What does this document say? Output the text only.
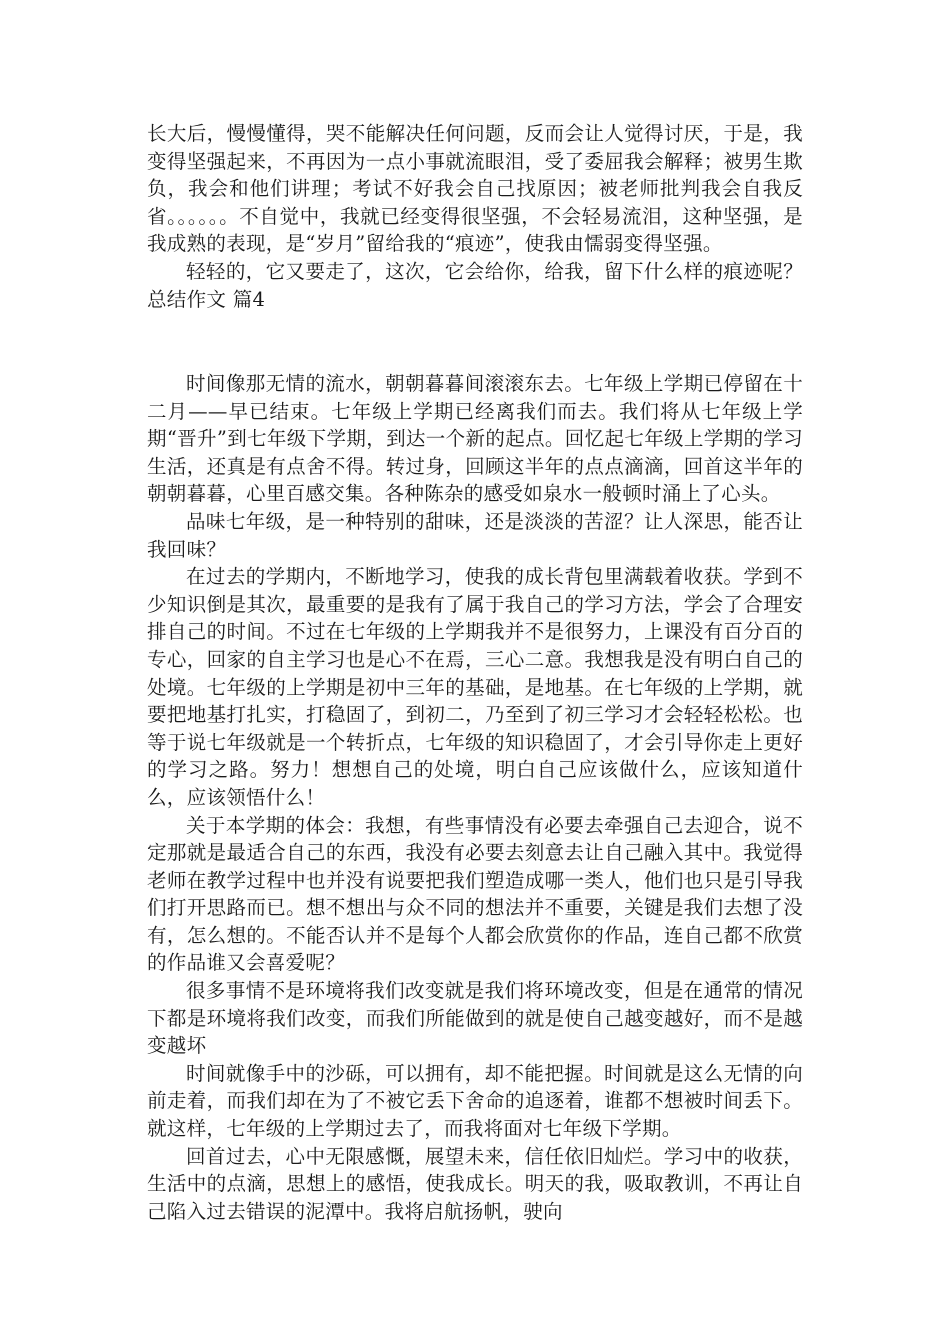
长大后，慢慢懂得，哭不能解决任何问题，反而会让人觉得讨厌，于是，我变得坚强起来，不再因为一点小事就流眼泪，受了委屈我会解释；被男生欺负，我会和他们讲理；考试不好我会自己找原因；被老师批判我会自我反省。。。。。。不自觉中，我就已经变得很坚强，不会轻易流泪，这种坚强，是我成熟的表现，是“岁月”留给我的“痕迹”，使我由懦弱变得坚强。

轻轻的，它又要走了，这次，它会给你，给我，留下什么样的痕迹呢？总结作文 篇4

时间像那无情的流水，朝朝暮暮间滚滚东去。七年级上学期已停留在十二月——早已结束。七年级上学期已经离我们而去。我们将从七年级上学期“晋升”到七年级下学期，到达一个新的起点。回忆起七年级上学期的学习生活，还真是有点舍不得。转过身，回顾这半年的点点滴滴，回首这半年的朝朝暮暮，心里百感交集。各种陈杂的感受如泉水一般顿时涌上了心头。

品味七年级，是一种特别的甜味，还是淡淡的苦涩？让人深思，能否让我回味？

在过去的学期内，不断地学习，使我的成长背包里满载着收获。学到不少知识倒是其次，最重要的是我有了属于我自己的学习方法，学会了合理安排自己的时间。不过在七年级的上学期我并不是很努力，上课没有百分百的专心，回家的自主学习也是心不在焉，三心二意。我想我是没有明白自己的处境。七年级的上学期是初中三年的基础，是地基。在七年级的上学期，就要把地基打扎实，打稳固了，到初二，乃至到了初三学习才会轻轻松松。也等于说七年级就是一个转折点，七年级的知识稳固了，才会引导你走上更好的学习之路。努力！想想自己的处境，明白自己应该做什么，应该知道什么，应该领悟什么！

关于本学期的体会：我想，有些事情没有必要去牵强自己去迎合，说不定那就是最适合自己的东西，我没有必要去刻意去让自己融入其中。我觉得老师在教学过程中也并没有说要把我们塑造成哪一类人，他们也只是引导我们打开思路而已。想不想出与众不同的想法并不重要，关键是我们去想了没有，怎么想的。不能否认并不是每个人都会欣赏你的作品，连自己都不欣赏的作品谁又会喜爱呢？

很多事情不是环境将我们改变就是我们将环境改变，但是在通常的情况下都是环境将我们改变，而我们所能做到的就是使自己越变越好，而不是越变越坏

时间就像手中的沙砾，可以拥有，却不能把握。时间就是这么无情的向前走着，而我们却在为了不被它丢下舍命的追逐着，谁都不想被时间丢下。就这样，七年级的上学期过去了，而我将面对七年级下学期。

回首过去，心中无限感慨，展望未来，信任依旧灿烂。学习中的收获，生活中的点滴，思想上的感悟，使我成长。明天的我，吸取教训，不再让自己陷入过去错误的泥潭中。我将启航扬帆，驶向
